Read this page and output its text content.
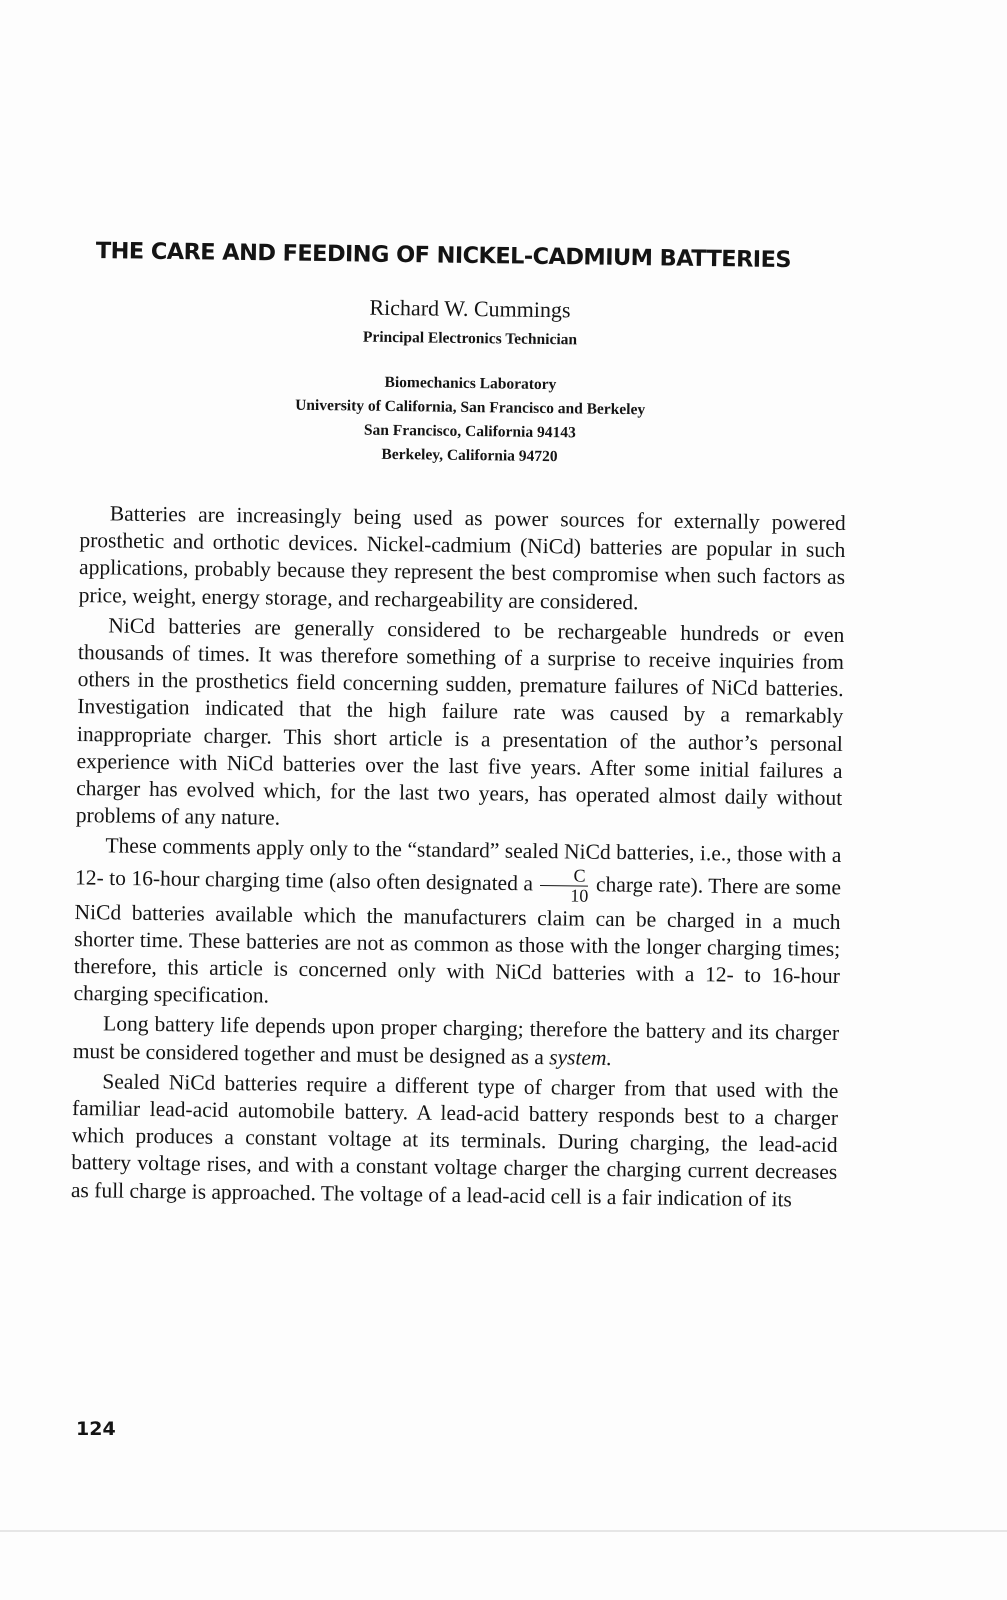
THE CARE AND FEEDING OF NICKEL-CADMIUM BATTERIES
Richard W. Cummings
Principal Electronics Technician
Biomechanics Laboratory
University of California, San Francisco and Berkeley
San Francisco, California 94143
Berkeley, California 94720

Batteries are increasingly being used as power sources for externally powered prosthetic and orthotic devices. Nickel-cadmium (NiCd) batteries are popular in such applications, probably because they represent the best compromise when such factors as price, weight, energy storage, and rechargeability are considered.

NiCd batteries are generally considered to be rechargeable hundreds or even thousands of times. It was therefore something of a surprise to receive inquiries from others in the prosthetics field concerning sudden, premature failures of NiCd batteries. Investigation indicated that the high failure rate was caused by a remarkably inappropriate charger. This short article is a presentation of the author’s personal experience with NiCd batteries over the last five years. After some initial failures a charger has evolved which, for the last two years, has operated almost daily without problems of any nature.

These comments apply only to the “standard” sealed NiCd batteries, i.e., those with a 12- to 16-hour charging time (also often designated a $\frac{C}{10}$ charge rate). There are some NiCd batteries available which the manufacturers claim can be charged in a much shorter time. These batteries are not as common as those with the longer charging times; therefore, this article is concerned only with NiCd batteries with a 12- to 16-hour charging specification.

Long battery life depends upon proper charging; therefore the battery and its charger must be considered together and must be designed as a system.

Sealed NiCd batteries require a different type of charger from that used with the familiar lead-acid automobile battery. A lead-acid battery responds best to a charger which produces a constant voltage at its terminals. During charging, the lead-acid battery voltage rises, and with a constant voltage charger the charging current decreases as full charge is approached. The voltage of a lead-acid cell is a fair indication of its

124
